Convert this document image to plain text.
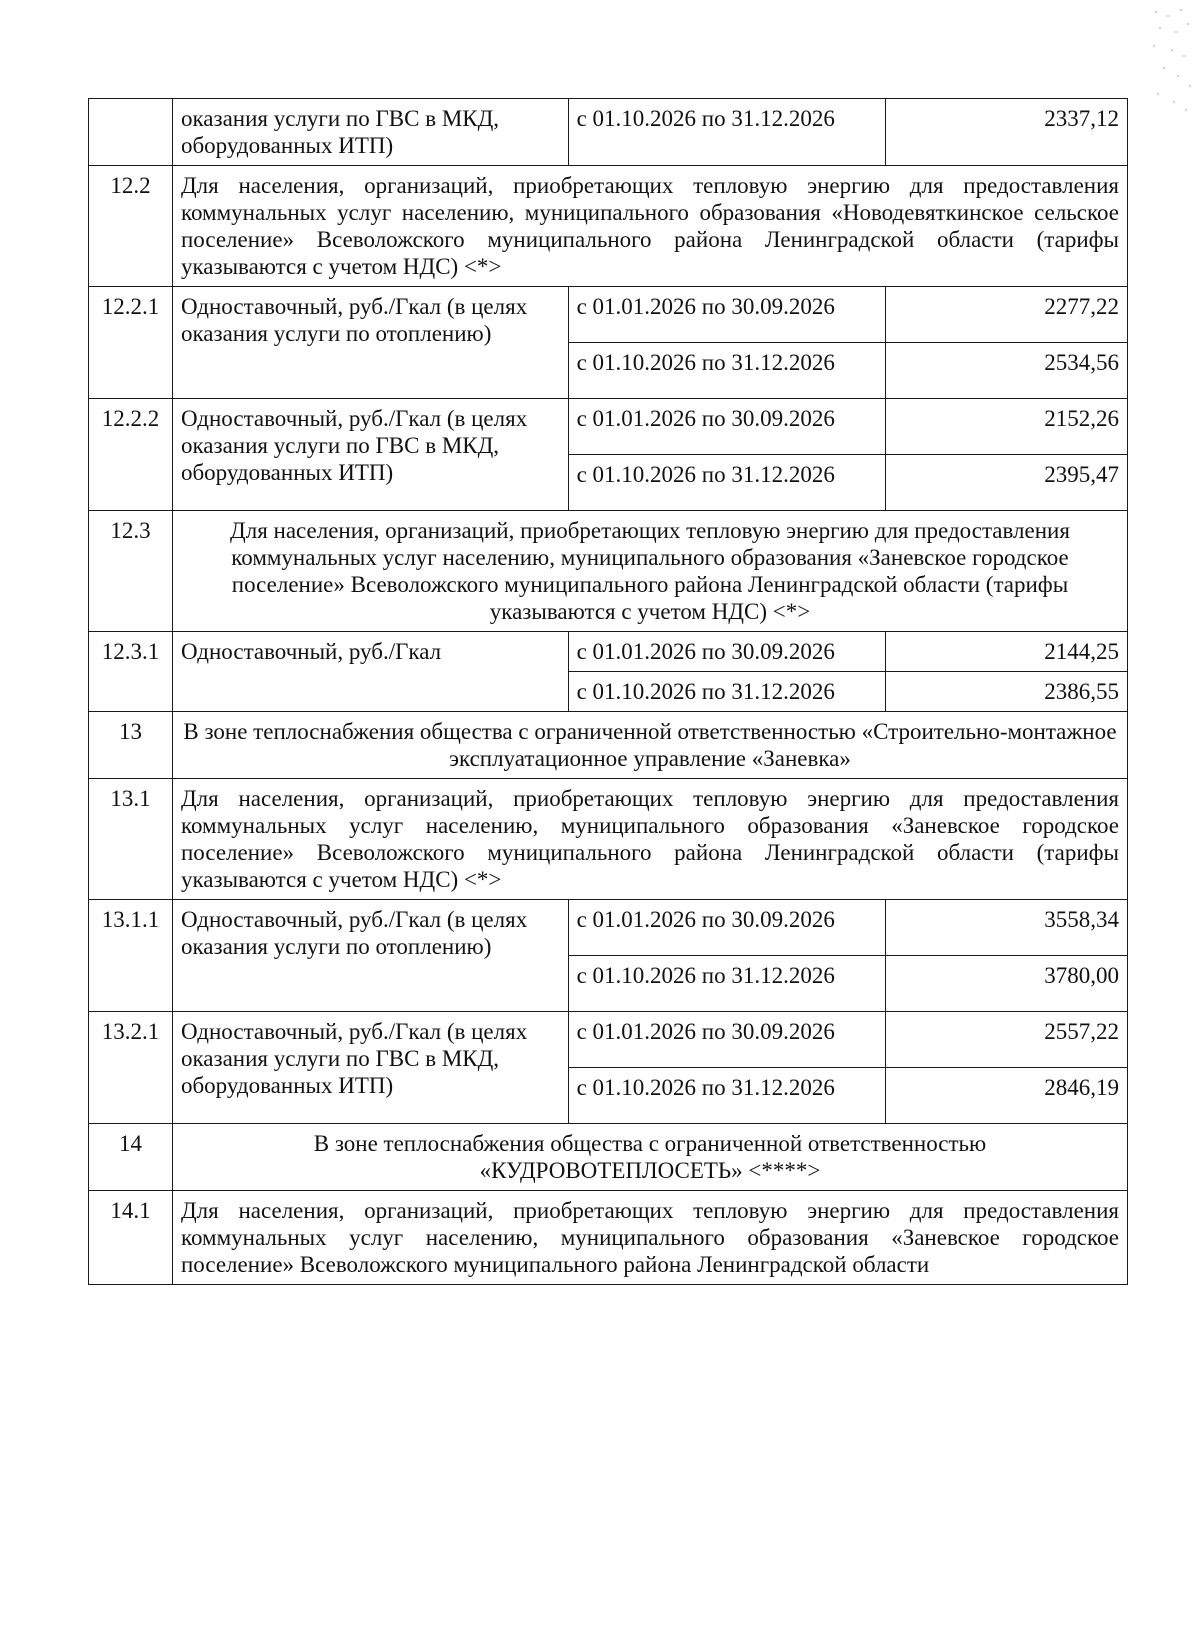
	оказания услуги по ГВС в МКД, оборудованных ИТП)	с 01.10.2026 по 31.12.2026	2337,12
12.2	Для населения, организаций, приобретающих тепловую энергию для предоставления коммунальных услуг населению, муниципального образования «Новодевяткинское сельское поселение» Всеволожского муниципального района Ленинградской области (тарифы указываются с учетом НДС) <*>		
12.2.1	Одноставочный, руб./Гкал (в целях оказания услуги по отоплению)	с 01.01.2026 по 30.09.2026	2277,22
		с 01.10.2026 по 31.12.2026	2534,56
12.2.2	Одноставочный, руб./Гкал (в целях оказания услуги по ГВС в МКД, оборудованных ИТП)	с 01.01.2026 по 30.09.2026	2152,26
		с 01.10.2026 по 31.12.2026	2395,47
12.3	Для населения, организаций, приобретающих тепловую энергию для предоставления коммунальных услуг населению, муниципального образования «Заневское городское поселение» Всеволожского муниципального района Ленинградской области (тарифы указываются с учетом НДС) <*>		
12.3.1	Одноставочный, руб./Гкал	с 01.01.2026 по 30.09.2026	2144,25
		с 01.10.2026 по 31.12.2026	2386,55
13	В зоне теплоснабжения общества с ограниченной ответственностью «Строительно-монтажное эксплуатационное управление «Заневка»		
13.1	Для населения, организаций, приобретающих тепловую энергию для предоставления коммунальных услуг населению, муниципального образования «Заневское городское поселение» Всеволожского муниципального района Ленинградской области (тарифы указываются с учетом НДС) <*>		
13.1.1	Одноставочный, руб./Гкал (в целях оказания услуги по отоплению)	с 01.01.2026 по 30.09.2026	3558,34
		с 01.10.2026 по 31.12.2026	3780,00
13.2.1	Одноставочный, руб./Гкал (в целях оказания услуги по ГВС в МКД, оборудованных ИТП)	с 01.01.2026 по 30.09.2026	2557,22
		с 01.10.2026 по 31.12.2026	2846,19
14	В зоне теплоснабжения общества с ограниченной ответственностью «КУДРОВОТЕПЛОСЕТЬ» <****>		
14.1	Для населения, организаций, приобретающих тепловую энергию для предоставления коммунальных услуг населению, муниципального образования «Заневское городское поселение» Всеволожского муниципального района Ленинградской области		
